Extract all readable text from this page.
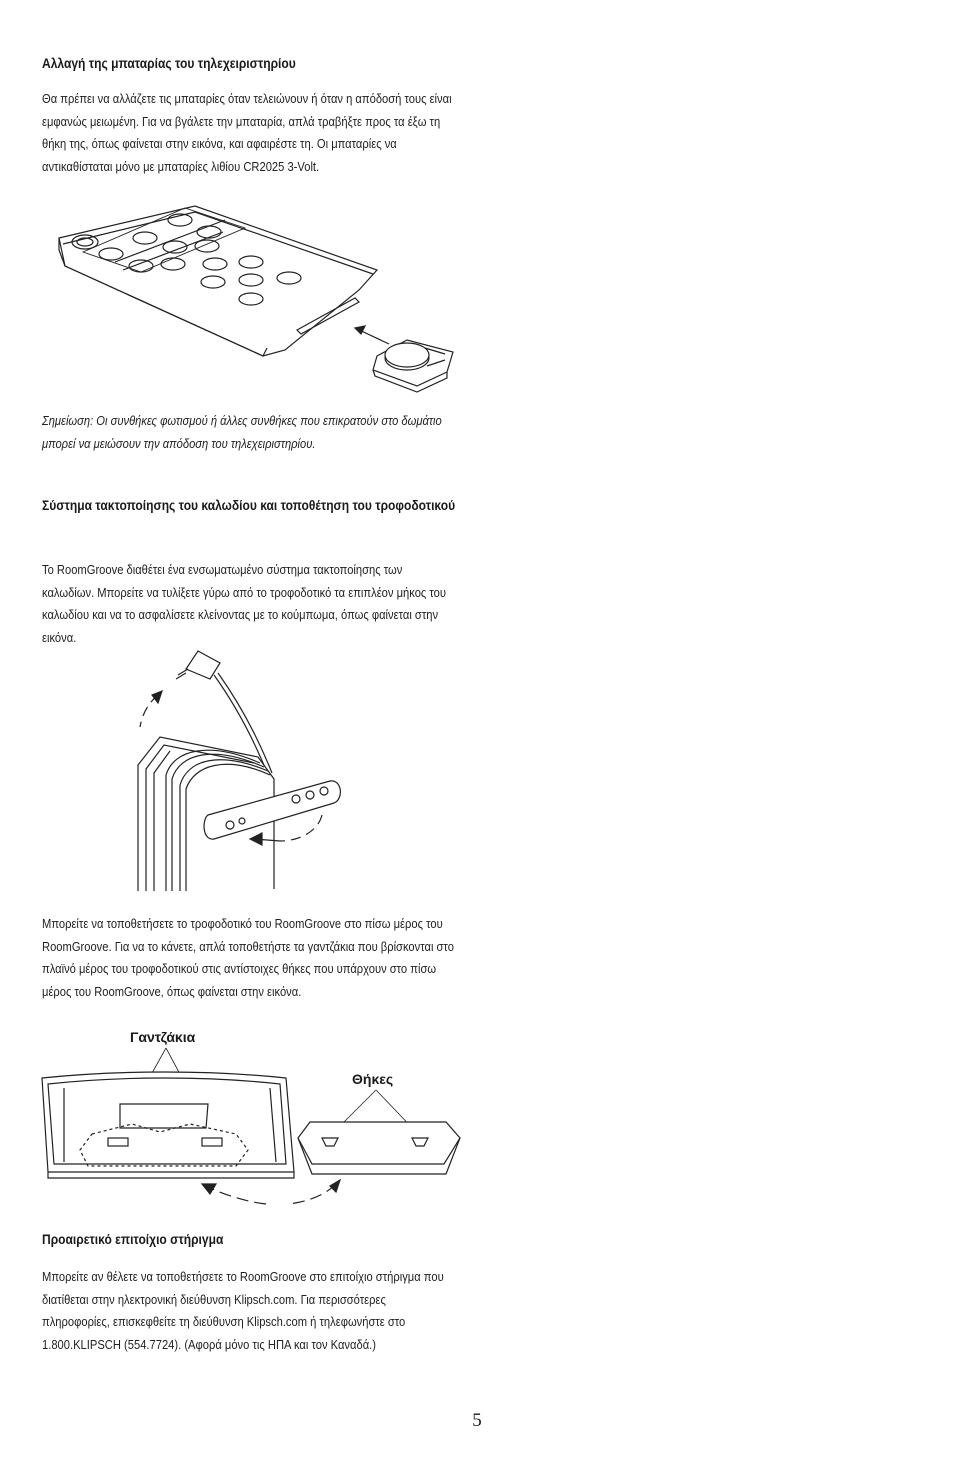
Αλλαγή της μπαταρίας του τηλεχειριστηρίου

Θα πρέπει να αλλάζετε τις μπαταρίες όταν τελειώνουν ή όταν η απόδοσή τους είναι εμφανώς μειωμένη. Για να βγάλετε την μπαταρία, απλά τραβήξτε προς τα έξω τη θήκη της, όπως φαίνεται στην εικόνα, και αφαιρέστε τη. Οι μπαταρίες να αντικαθίσταται μόνο με μπαταρίες λιθίου CR2025 3-Volt.

Σημείωση: Οι συνθήκες φωτισμού ή άλλες συνθήκες που επικρατούν στο δωμάτιο μπορεί να μειώσουν την απόδοση του τηλεχειριστηρίου.

Σύστημα τακτοποίησης του καλωδίου και τοποθέτηση του τροφοδοτικού

Το RoomGroove διαθέτει ένα ενσωματωμένο σύστημα τακτοποίησης των καλωδίων. Μπορείτε να τυλίξετε γύρω από το τροφοδοτικό τα επιπλέον μήκος του καλωδίου και να το ασφαλίσετε κλείνοντας με το κούμπωμα, όπως φαίνεται στην εικόνα.

Μπορείτε να τοποθετήσετε το τροφοδοτικό του RoomGroove στο πίσω μέρος του RoomGroove. Για να το κάνετε, απλά τοποθετήστε τα γαντζάκια που βρίσκονται στο πλαϊνό μέρος του τροφοδοτικού στις αντίστοιχες θήκες που υπάρχουν στο πίσω μέρος του RoomGroove, όπως φαίνεται στην εικόνα.

Γαντζάκια
Θήκες
Προαιρετικό επιτοίχιο στήριγμα

Μπορείτε αν θέλετε να τοποθετήσετε το RoomGroove στο επιτοίχιο στήριγμα που διατίθεται στην ηλεκτρονική διεύθυνση Klipsch.com. Για περισσότερες πληροφορίες, επισκεφθείτε τη διεύθυνση Klipsch.com ή τηλεφωνήστε στο 1.800.KLIPSCH (554.7724). (Αφορά μόνο τις ΗΠΑ και τον Καναδά.)

5
